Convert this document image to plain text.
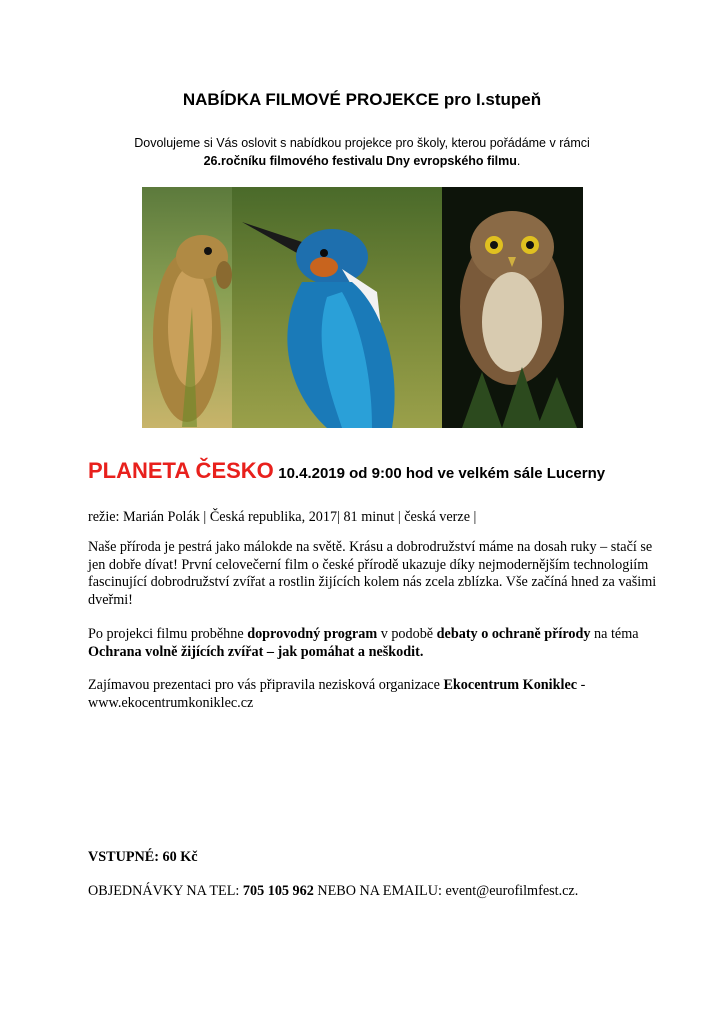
NABÍDKA FILMOVÉ PROJEKCE pro I.stupeň
Dovolujeme si Vás oslovit s nabídkou projekce pro školy, kterou pořádáme v rámci
26.ročníku filmového festivalu Dny evropského filmu.
PLANETA ČESKO 10.4.2019 od 9:00 hod ve velkém sále Lucerny
režie: Marián Polák | Česká republika, 2017| 81 minut | česká verze |
Naše příroda je pestrá jako málokde na světě. Krásu a dobrodružství máme na dosah ruky – stačí se jen dobře dívat! První celovečerní film o české přírodě ukazuje díky nejmodernějším technologiím fascinující dobrodružství zvířat a rostlin žijících kolem nás zcela zblízka. Vše začíná hned za vašimi dveřmi!
Po projekci filmu proběhne doprovodný program v podobě debaty o ochraně přírody na téma Ochrana volně žijících zvířat – jak pomáhat a neškodit.
Zajímavou prezentaci pro vás připravila nezisková organizace Ekocentrum Koniklec -
www.ekocentrumkoniklec.cz
VSTUPNÉ: 60 Kč
OBJEDNÁVKY NA TEL: 705 105 962 NEBO NA EMAILU: event@eurofilmfest.cz.
